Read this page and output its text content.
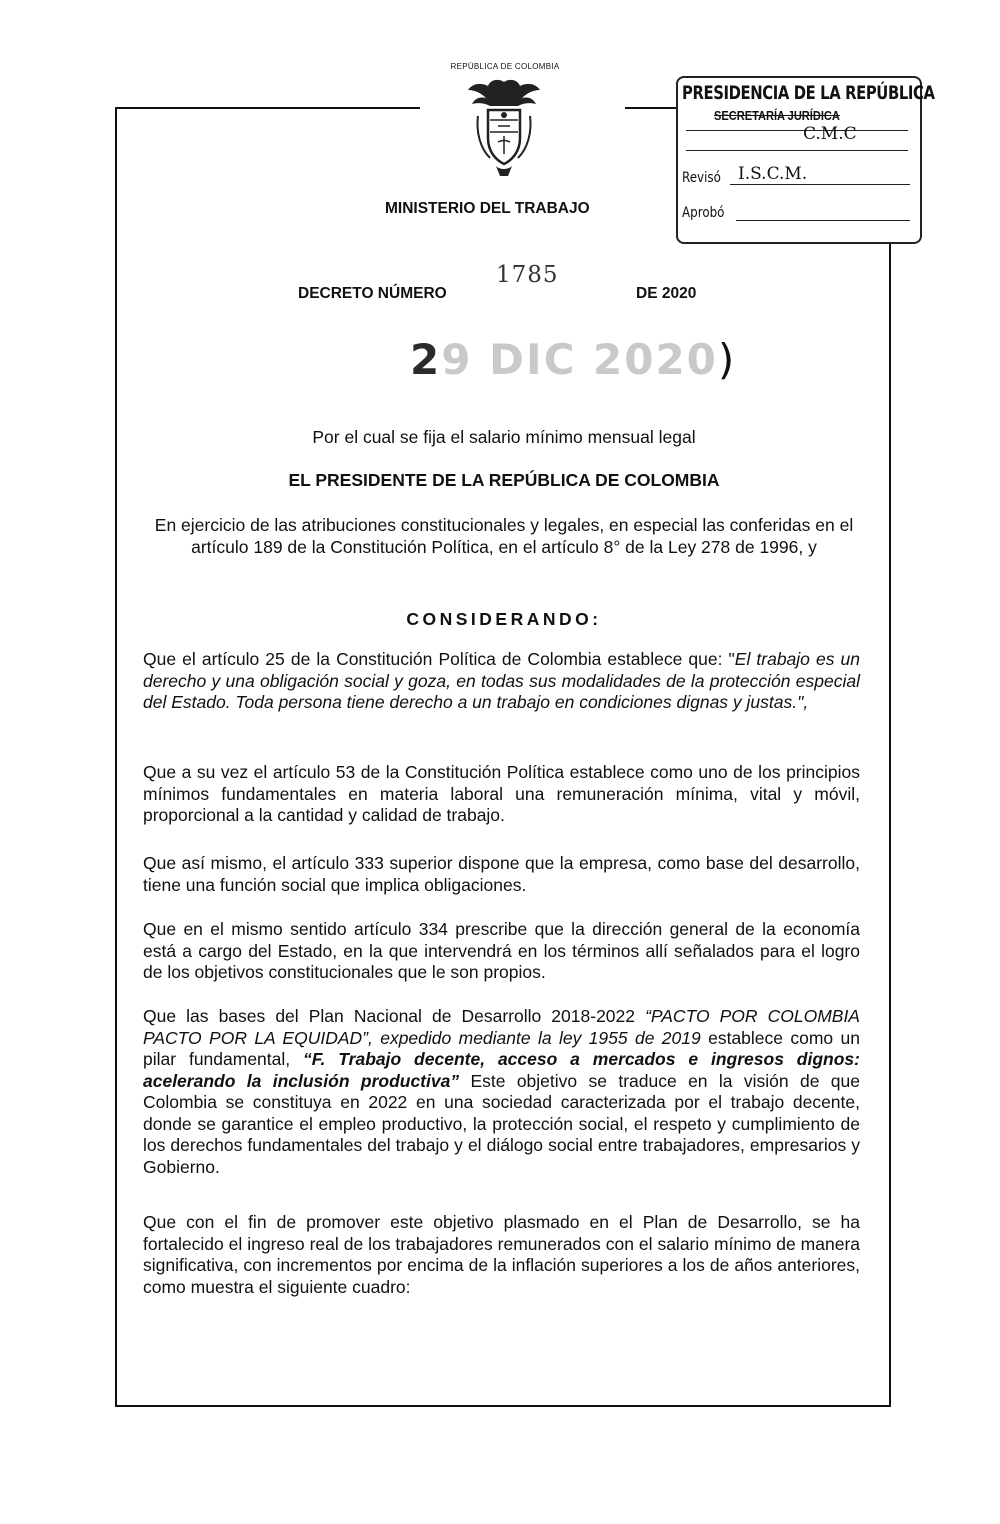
REPÚBLICA DE COLOMBIA
MINISTERIO DEL TRABAJO
PRESIDENCIA DE LA REPÚBLICA
SECRETARÍA JURÍDICA
C.M.C
Revisó I.S.C.M.
Aprobó
DECRETO NÚMERO
1785
DE 2020
29 DIC 2020)
Por el cual se fija el salario mínimo mensual legal
EL PRESIDENTE DE LA REPÚBLICA DE COLOMBIA
En ejercicio de las atribuciones constitucionales y legales, en especial las conferidas en el artículo 189 de la Constitución Política, en el artículo 8° de la Ley 278 de 1996, y
CONSIDERANDO:
Que el artículo 25 de la Constitución Política de Colombia establece que: "El trabajo es un derecho y una obligación social y goza, en todas sus modalidades de la protección especial del Estado. Toda persona tiene derecho a un trabajo en condiciones dignas y justas.",
Que a su vez el artículo 53 de la Constitución Política establece como uno de los principios mínimos fundamentales en materia laboral una remuneración mínima, vital y móvil, proporcional a la cantidad y calidad de trabajo.
Que así mismo, el artículo 333 superior dispone que la empresa, como base del desarrollo, tiene una función social que implica obligaciones.
Que en el mismo sentido artículo 334 prescribe que la dirección general de la economía está a cargo del Estado, en la que intervendrá en los términos allí señalados para el logro de los objetivos constitucionales que le son propios.
Que las bases del Plan Nacional de Desarrollo 2018-2022 “PACTO POR COLOMBIA PACTO POR LA EQUIDAD”, expedido mediante la ley 1955 de 2019 establece como un pilar fundamental, “F. Trabajo decente, acceso a mercados e ingresos dignos: acelerando la inclusión productiva” Este objetivo se traduce en la visión de que Colombia se constituya en 2022 en una sociedad caracterizada por el trabajo decente, donde se garantice el empleo productivo, la protección social, el respeto y cumplimiento de los derechos fundamentales del trabajo y el diálogo social entre trabajadores, empresarios y Gobierno.
Que con el fin de promover este objetivo plasmado en el Plan de Desarrollo, se ha fortalecido el ingreso real de los trabajadores remunerados con el salario mínimo de manera significativa, con incrementos por encima de la inflación superiores a los de años anteriores, como muestra el siguiente cuadro:
